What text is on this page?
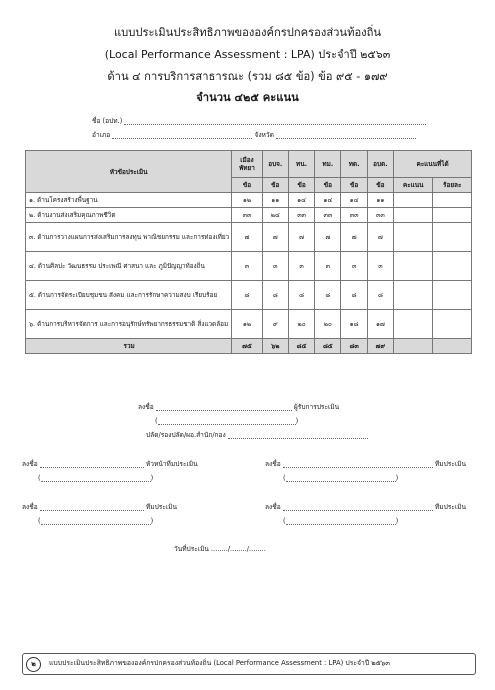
แบบประเมินประสิทธิภาพขององค์กรปกครองส่วนท้องถิ่น
(Local Performance Assessment : LPA) ประจำปี ๒๕๖๓
ด้าน ๔ การบริการสาธารณะ (รวม ๘๕ ข้อ) ข้อ ๙๕ - ๑๗๙
จำนวน ๔๒๕ คะแนน
ชื่อ (อปท.)
อำเภอ	จังหวัด
หัวข้อประเมิน	เมือง พัทยา	อบจ.	ทน.	ทม.	ทต.	อบต.	คะแนนที่ได้	
	ข้อ	ข้อ	ข้อ	ข้อ	ข้อ	ข้อ	คะแนน	ร้อยละ
๑. ด้านโครงสร้างพื้นฐาน	๑๒	๑๑	๑๔	๑๔	๑๔	๑๑		
๒. ด้านงานส่งเสริมคุณภาพชีวิต	๓๓	๒๔	๓๓	๓๓	๓๓	๓๓		
๓. ด้านการวางแผนการส่งเสริมการลงทุน พาณิชยกรรม และการท่องเที่ยว	๗	๗	๗	๗	๗	๗		
๔. ด้านศิลปะ วัฒนธรรม ประเพณี ศาสนา และ ภูมิปัญญาท้องถิ่น	๓	๓	๓	๓	๓	๓		
๕. ด้านการจัดระเบียบชุมชน สังคม และการรักษาความสงบ เรียบร้อย	๘	๘	๘	๘	๘	๘		
๖. ด้านการบริหารจัดการ และการอนุรักษ์ทรัพยากรธรรมชาติ สิ่งแวดล้อม	๑๒	๙	๒๐	๒๐	๑๘	๑๗		
รวม	๗๕	๖๒	๘๕	๘๕	๘๓	๗๙		
ลงชื่อ	ผู้รับการประเมิน
(	)
ปลัด/รองปลัด/ผอ.สำนัก/กอง
ลงชื่อ	หัวหน้าทีมประเมิน
(	)
ลงชื่อ	ทีมประเมิน
(	)
ลงชื่อ	ทีมประเมิน
(	)
ลงชื่อ	ทีมประเมิน
(	)
วันที่ประเมิน ......../......../........
๒	แบบประเมินประสิทธิภาพขององค์กรปกครองส่วนท้องถิ่น (Local Performance Assessment : LPA) ประจำปี ๒๕๖๓
